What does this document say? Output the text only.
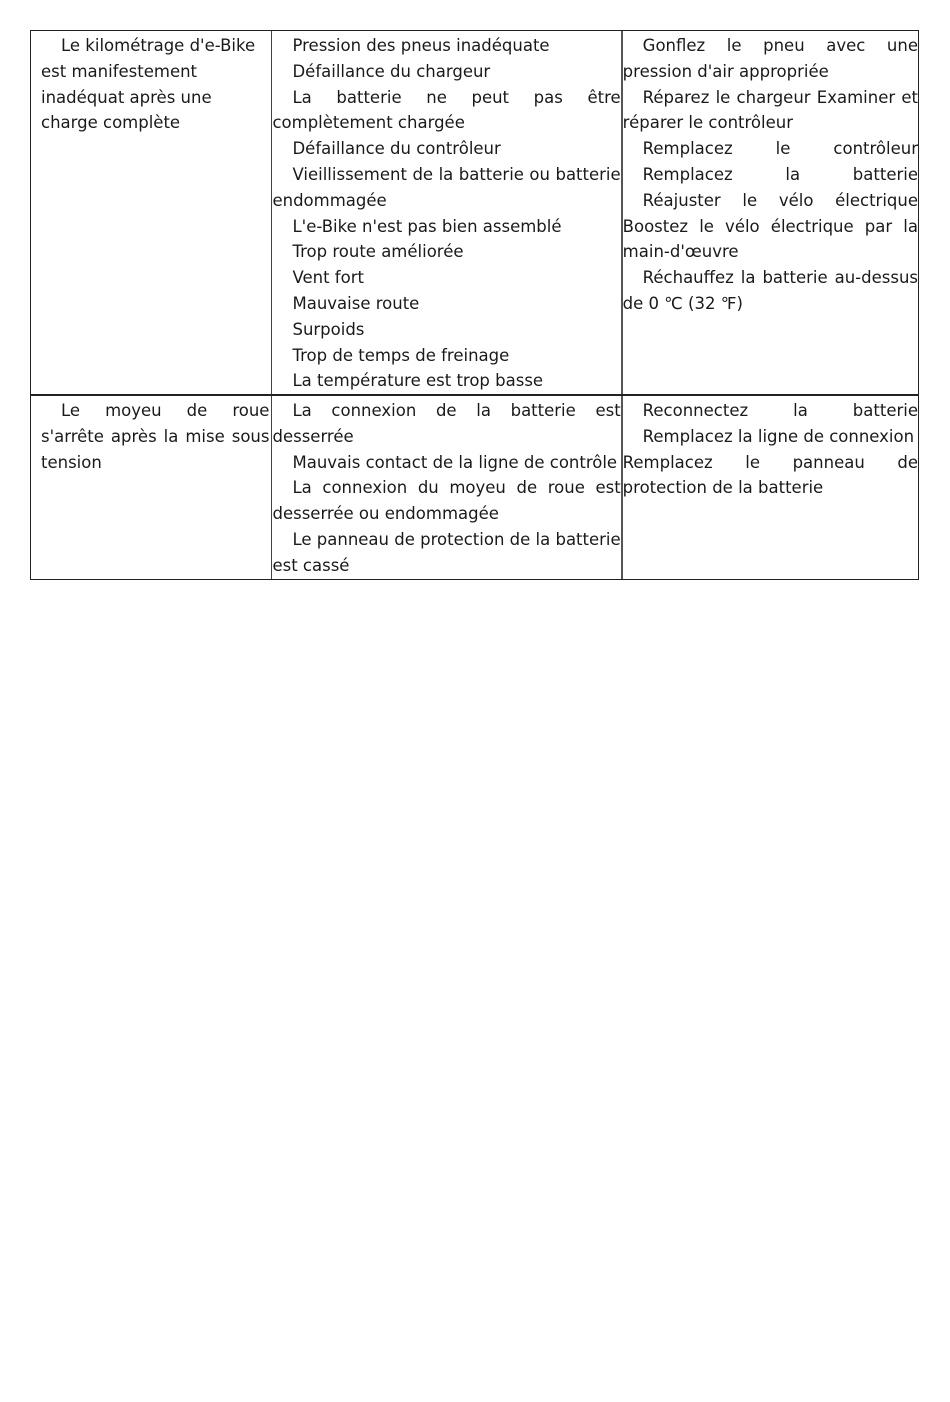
Le kilométrage d'e-Bike est manifestement inadéquat après une charge complète

Pression des pneus inadéquate

Défaillance du chargeur

La batterie ne peut pas être complètement chargée

Défaillance du contrôleur

Vieillissement de la batterie ou batterie endommagée

L'e-Bike n'est pas bien assemblé

Trop route améliorée

Vent fort

Mauvaise route

Surpoids

Trop de temps de freinage

La température est trop basse

Gonflez le pneu avec une pression d'air appropriée

Réparez le chargeur Examiner et réparer le contrôleur

Remplacez le contrôleur

Remplacez la batterie

Réajuster le vélo électrique Boostez le vélo électrique par la main-d'œuvre

Réchauffez la batterie au-dessus de 0 ℃ (32 ℉)

Le moyeu de roue s'arrête après la mise sous tension

La connexion de la batterie est desserrée

Mauvais contact de la ligne de contrôle

La connexion du moyeu de roue est desserrée ou endommagée

Le panneau de protection de la batterie est cassé

Reconnectez la batterie

Remplacez la ligne de connexion

Remplacez le panneau de protection de la batterie
